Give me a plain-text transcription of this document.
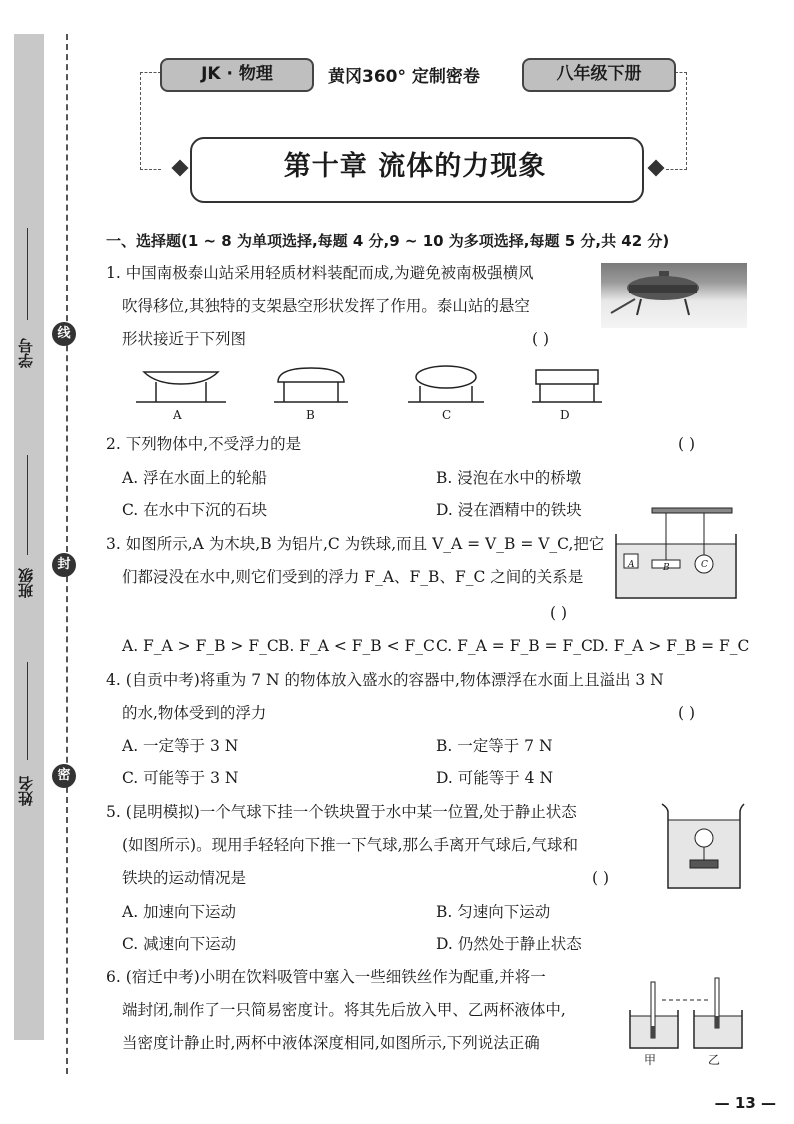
学号
班级
姓名
线
封
密
JK · 物理	黄冈360° 定制密卷	八年级下册
第十章 流体的力现象
一、选择题(1 ~ 8 为单项选择,每题 4 分,9 ~ 10 为多项选择,每题 5 分,共 42 分)
1. 中国南极泰山站采用轻质材料装配而成,为避免被南极强横风
吹得移位,其独特的支架悬空形状发挥了作用。泰山站的悬空
形状接近于下列图	( )
A	B	C	D
2. 下列物体中,不受浮力的是	( )
A. 浮在水面上的轮船	B. 浸泡在水中的桥墩
C. 在水中下沉的石块	D. 浸在酒精中的铁块
3. 如图所示,A 为木块,B 为铝片,C 为铁球,而且 V_A = V_B = V_C,把它
们都浸没在水中,则它们受到的浮力 F_A、F_B、F_C 之间的关系是
( )
A	B	C
A. F_A > F_B > F_C B. F_A < F_B < F_C C. F_A = F_B = F_C D. F_A > F_B = F_C
4. (自贡中考)将重为 7 N 的物体放入盛水的容器中,物体漂浮在水面上且溢出 3 N
的水,物体受到的浮力	( )
A. 一定等于 3 N	B. 一定等于 7 N
C. 可能等于 3 N	D. 可能等于 4 N
5. (昆明模拟)一个气球下挂一个铁块置于水中某一位置,处于静止状态
(如图所示)。现用手轻轻向下推一下气球,那么手离开气球后,气球和
铁块的运动情况是	( )
A. 加速向下运动	B. 匀速向下运动
C. 减速向下运动	D. 仍然处于静止状态
6. (宿迁中考)小明在饮料吸管中塞入一些细铁丝作为配重,并将一
端封闭,制作了一只简易密度计。将其先后放入甲、乙两杯液体中,
当密度计静止时,两杯中液体深度相同,如图所示,下列说法正确
甲	乙
— 13 —
